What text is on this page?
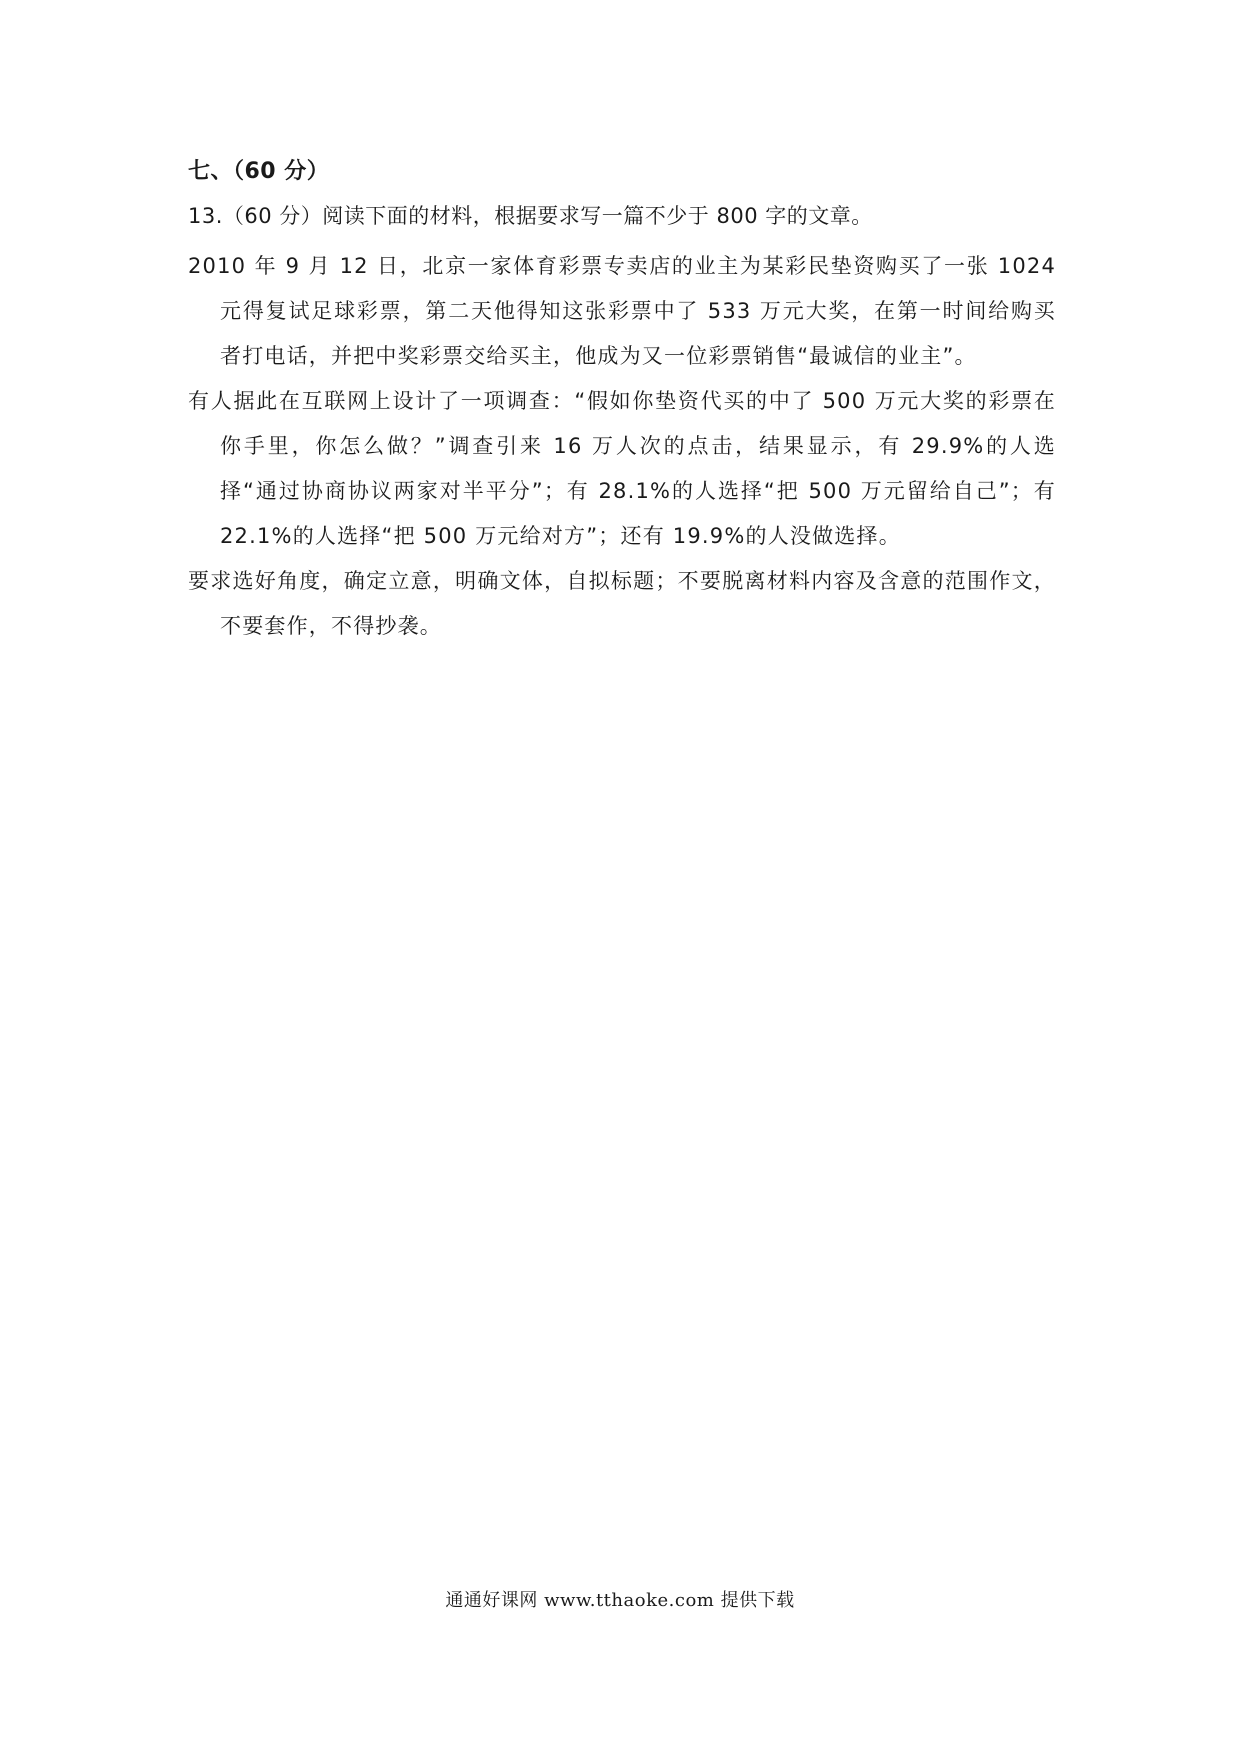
七、（60 分）
13.（60 分）阅读下面的材料，根据要求写一篇不少于 800 字的文章。

2010 年 9 月 12 日，北京一家体育彩票专卖店的业主为某彩民垫资购买了一张 1024 元得复试足球彩票，第二天他得知这张彩票中了 533 万元大奖，在第一时间给购买者打电话，并把中奖彩票交给买主，他成为又一位彩票销售“最诚信的业主”。

有人据此在互联网上设计了一项调查：“假如你垫资代买的中了 500 万元大奖的彩票在你手里，你怎么做？”调查引来 16 万人次的点击，结果显示，有 29.9%的人选择“通过协商协议两家对半平分”；有 28.1%的人选择“把 500 万元留给自己”；有 22.1%的人选择“把 500 万元给对方”；还有 19.9%的人没做选择。

要求选好角度，确定立意，明确文体，自拟标题；不要脱离材料内容及含意的范围作文，不要套作，不得抄袭。

通通好课网 www.tthaoke.com 提供下载
